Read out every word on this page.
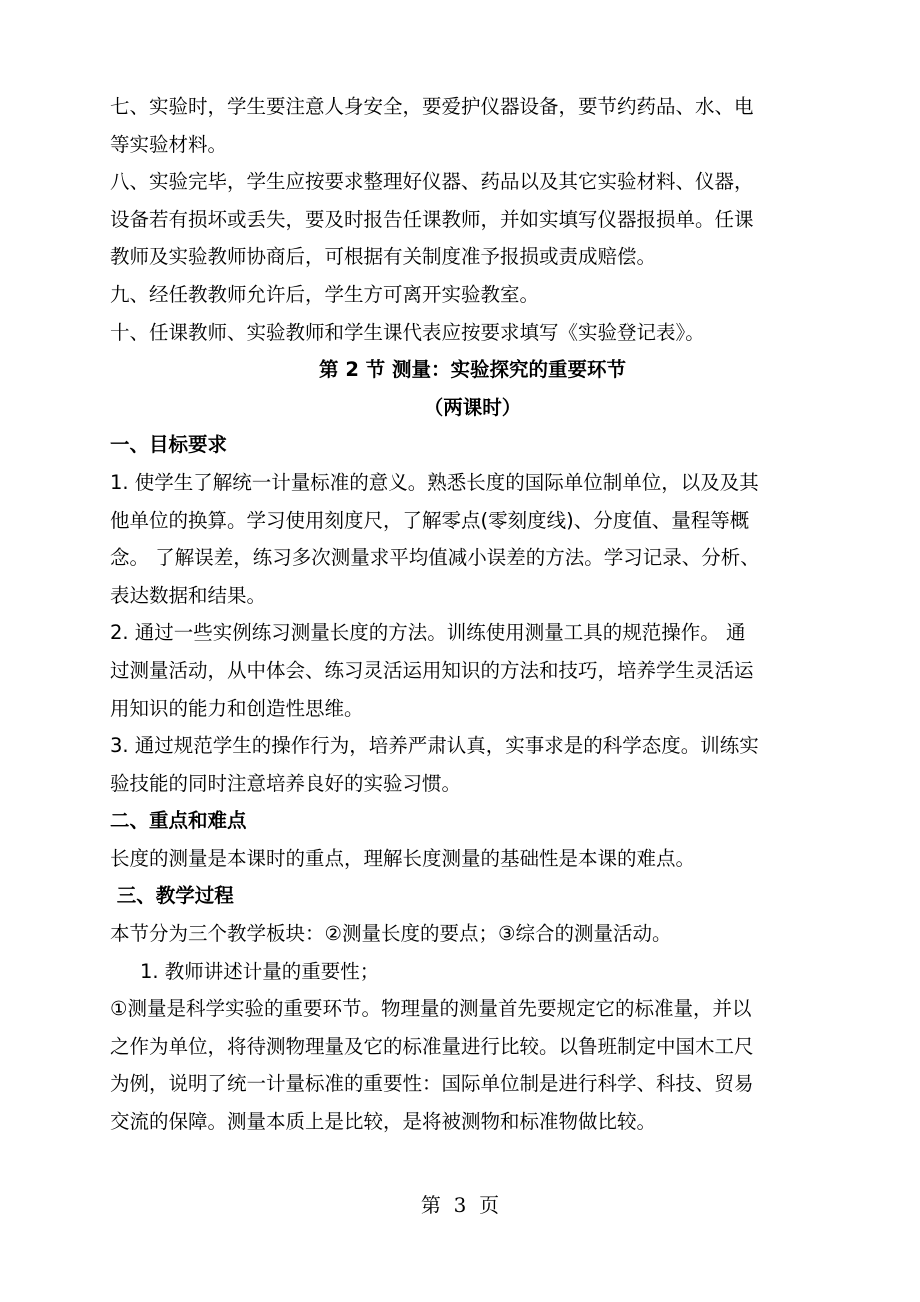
七、实验时，学生要注意人身安全，要爱护仪器设备，要节约药品、水、电

等实验材料。

八、实验完毕，学生应按要求整理好仪器、药品以及其它实验材料、仪器，

设备若有损坏或丢失，要及时报告任课教师，并如实填写仪器报损单。任课

教师及实验教师协商后，可根据有关制度准予报损或责成赔偿。

九、经任教教师允许后，学生方可离开实验教室。

十、任课教师、实验教师和学生课代表应按要求填写《实验登记表》。

第 2 节 测量：实验探究的重要环节

（两课时）

一、目标要求

1. 使学生了解统一计量标准的意义。熟悉长度的国际单位制单位，以及及其

他单位的换算。学习使用刻度尺，了解零点(零刻度线)、分度值、量程等概

念。 了解误差，练习多次测量求平均值减小误差的方法。学习记录、分析、

表达数据和结果。

2. 通过一些实例练习测量长度的方法。训练使用测量工具的规范操作。 通

过测量活动，从中体会、练习灵活运用知识的方法和技巧，培养学生灵活运

用知识的能力和创造性思维。

3. 通过规范学生的操作行为，培养严肃认真，实事求是的科学态度。训练实

验技能的同时注意培养良好的实验习惯。

二、重点和难点

长度的测量是本课时的重点，理解长度测量的基础性是本课的难点。

三、教学过程

本节分为三个教学板块：②测量长度的要点；③综合的测量活动。

1. 教师讲述计量的重要性；

①测量是科学实验的重要环节。物理量的测量首先要规定它的标准量，并以

之作为单位，将待测物理量及它的标准量进行比较。以鲁班制定中国木工尺

为例，说明了统一计量标准的重要性：国际单位制是进行科学、科技、贸易

交流的保障。测量本质上是比较，是将被测物和标准物做比较。

第  3  页
